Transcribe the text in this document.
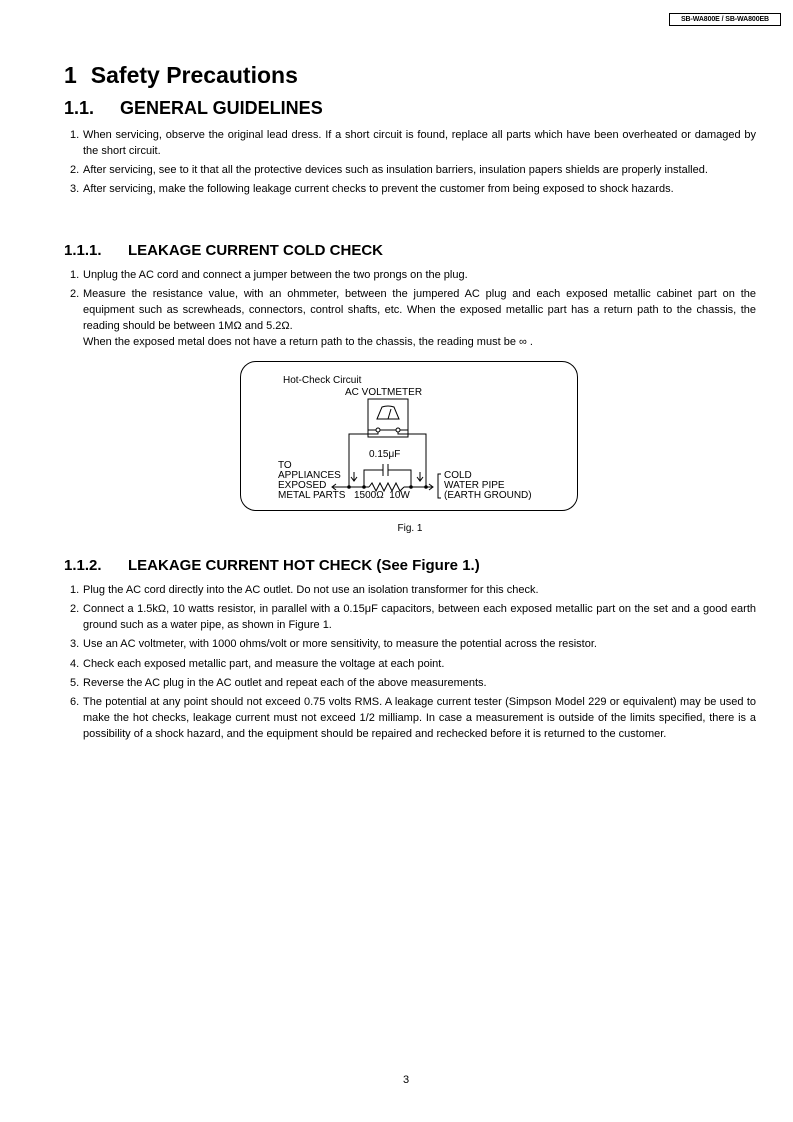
SB-WA800E / SB-WA800EB
1 Safety Precautions
1.1. GENERAL GUIDELINES
1. When servicing, observe the original lead dress. If a short circuit is found, replace all parts which have been overheated or damaged by the short circuit.
2. After servicing, see to it that all the protective devices such as insulation barriers, insulation papers shields are properly installed.
3. After servicing, make the following leakage current checks to prevent the customer from being exposed to shock hazards.
1.1.1. LEAKAGE CURRENT COLD CHECK
1. Unplug the AC cord and connect a jumper between the two prongs on the plug.
2. Measure the resistance value, with an ohmmeter, between the jumpered AC plug and each exposed metallic cabinet part on the equipment such as screwheads, connectors, control shafts, etc. When the exposed metallic part has a return path to the chassis, the reading should be between 1MΩ and 5.2Ω.
When the exposed metal does not have a return path to the chassis, the reading must be ∞ .
Hot-Check Circuit
AC VOLTMETER
0.15μF
TO
APPLIANCES
EXPOSED
METAL PARTS 1500Ω  10W
COLD
WATER PIPE
(EARTH GROUND)
Fig. 1
1.1.2. LEAKAGE CURRENT HOT CHECK (See Figure 1.)
1. Plug the AC cord directly into the AC outlet. Do not use an isolation transformer for this check.
2. Connect a 1.5kΩ, 10 watts resistor, in parallel with a 0.15μF capacitors, between each exposed metallic part on the set and a good earth ground such as a water pipe, as shown in Figure 1.
3. Use an AC voltmeter, with 1000 ohms/volt or more sensitivity, to measure the potential across the resistor.
4. Check each exposed metallic part, and measure the voltage at each point.
5. Reverse the AC plug in the AC outlet and repeat each of the above measurements.
6. The potential at any point should not exceed 0.75 volts RMS. A leakage current tester (Simpson Model 229 or equivalent) may be used to make the hot checks, leakage current must not exceed 1/2 milliamp. In case a measurement is outside of the limits specified, there is a possibility of a shock hazard, and the equipment should be repaired and rechecked before it is returned to the customer.
3
